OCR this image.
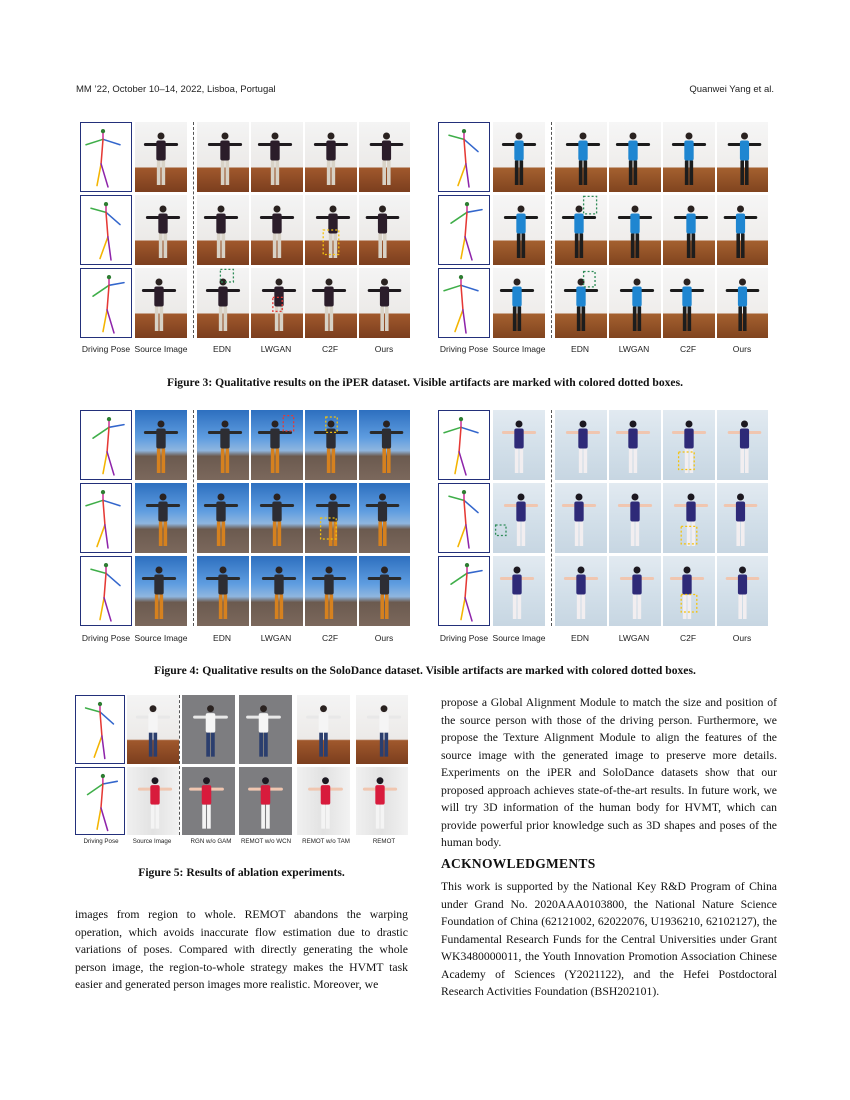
MM ’22, October 10–14, 2022, Lisboa, Portugal	Quanwei Yang et al.
Driving Pose Source Image	EDN	LWGAN	C2F	Ours	Driving Pose Source Image	EDN	LWGAN	C2F	Ours
Figure 3: Qualitative results on the iPER dataset. Visible artifacts are marked with colored dotted boxes.
Driving Pose Source Image	EDN	LWGAN	C2F	Ours	Driving Pose Source Image	EDN	LWGAN	C2F	Ours
Figure 4: Qualitative results on the SoloDance dataset. Visible artifacts are marked with colored dotted boxes.
Driving Pose Source Image	RGN w/o GAM REMOT w/o WCN REMOT w/o TAM	REMOT
Figure 5: Results of ablation experiments.

images from region to whole. REMOT abandons the warping operation, which avoids inaccurate flow estimation due to drastic variations of poses. Compared with directly generating the whole person image, the region-to-whole strategy makes the HVMT task easier and generated person images more realistic. Moreover, we

propose a Global Alignment Module to match the size and position of the source person with those of the driving person. Furthermore, we propose the Texture Alignment Module to align the features of the source image with the generated image to preserve more details. Experiments on the iPER and SoloDance datasets show that our proposed approach achieves state-of-the-art results. In future work, we will try 3D information of the human body for HVMT, which can provide powerful prior knowledge such as 3D shapes and poses of the human body.

ACKNOWLEDGMENTS

This work is supported by the National Key R&D Program of China under Grand No. 2020AAA0103800, the National Nature Science Foundation of China (62121002, 62022076, U1936210, 62102127), the Fundamental Research Funds for the Central Universities under Grant WK3480000011, the Youth Innovation Promotion Association Chinese Academy of Sciences (Y2021122), and the Hefei Postdoctoral Research Activities Foundation (BSH202101).
